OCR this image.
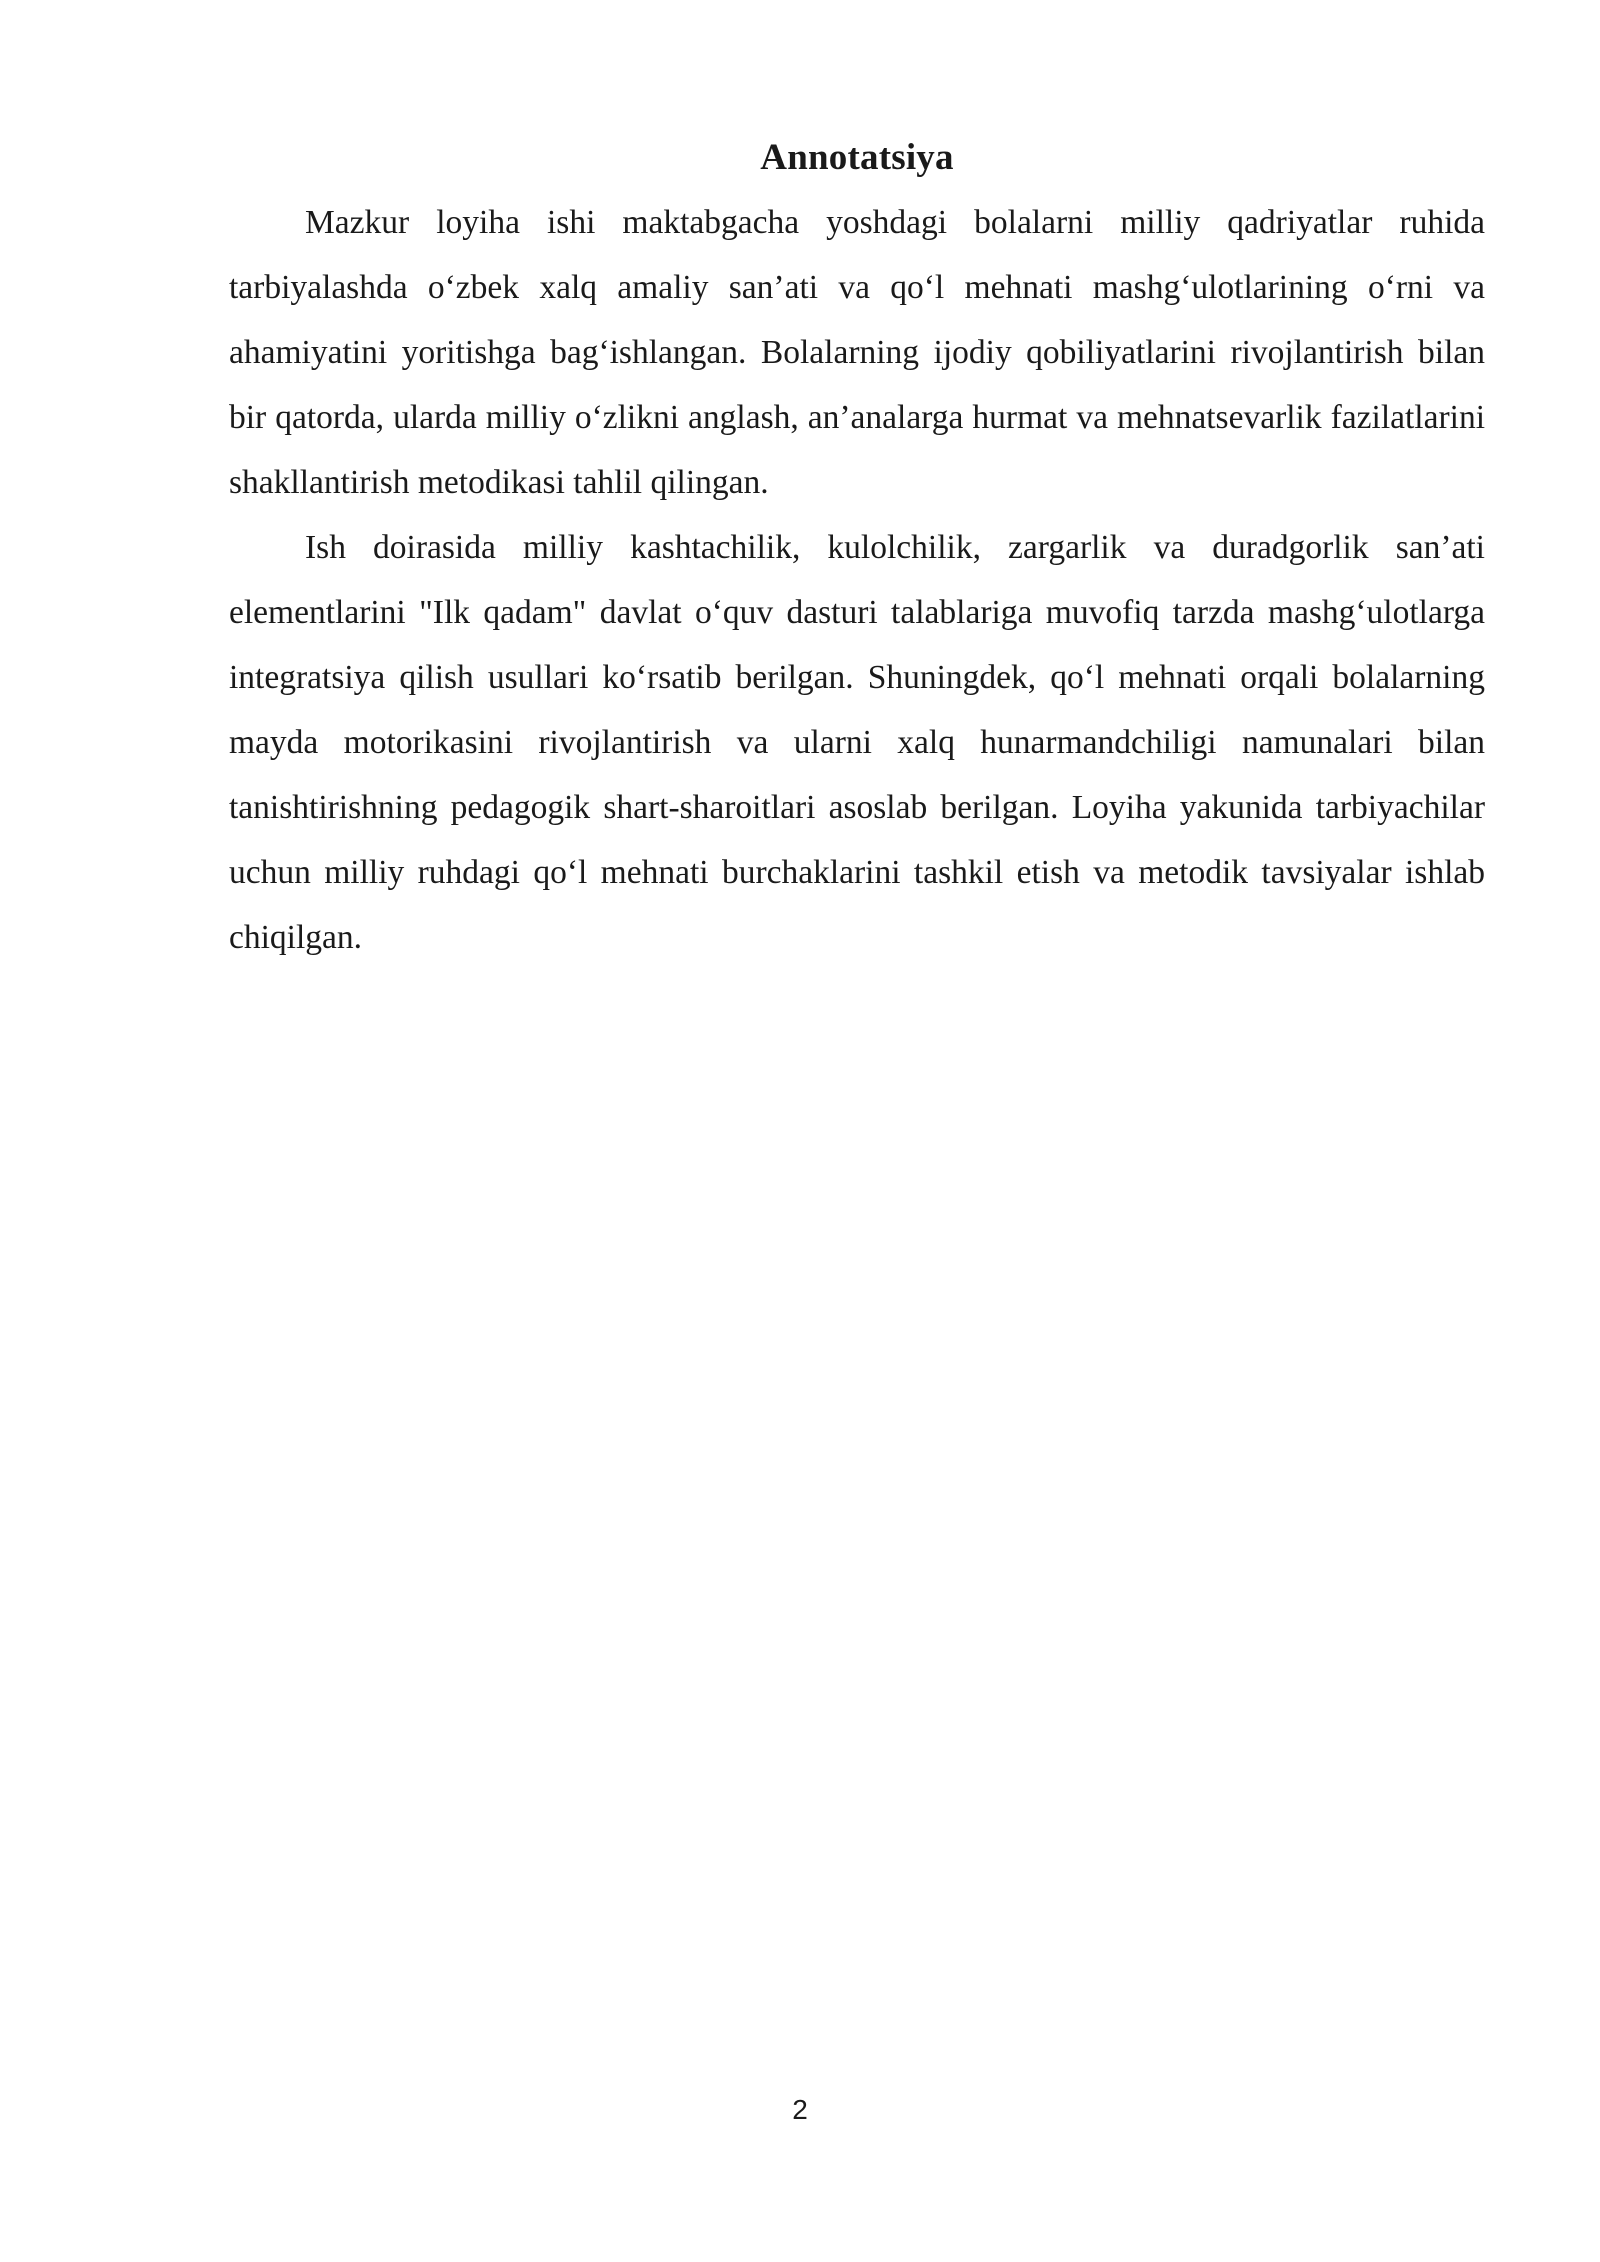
Annotatsiya

Mazkur loyiha ishi maktabgacha yoshdagi bolalarni milliy qadriyatlar ruhida tarbiyalashda o‘zbek xalq amaliy san’ati va qo‘l mehnati mashg‘ulotlarining o‘rni va ahamiyatini yoritishga bag‘ishlangan. Bolalarning ijodiy qobiliyatlarini rivojlantirish bilan bir qatorda, ularda milliy o‘zlikni anglash, an’analarga hurmat va mehnatsevarlik fazilatlarini shakllantirish metodikasi tahlil qilingan.

Ish doirasida milliy kashtachilik, kulolchilik, zargarlik va duradgorlik san’ati elementlarini "Ilk qadam" davlat o‘quv dasturi talablariga muvofiq tarzda mashg‘ulotlarga integratsiya qilish usullari ko‘rsatib berilgan. Shuningdek, qo‘l mehnati orqali bolalarning mayda motorikasini rivojlantirish va ularni xalq hunarmandchiligi namunalari bilan tanishtirishning pedagogik shart-sharoitlari asoslab berilgan. Loyiha yakunida tarbiyachilar uchun milliy ruhdagi qo‘l mehnati burchaklarini tashkil etish va metodik tavsiyalar ishlab chiqilgan.

2
